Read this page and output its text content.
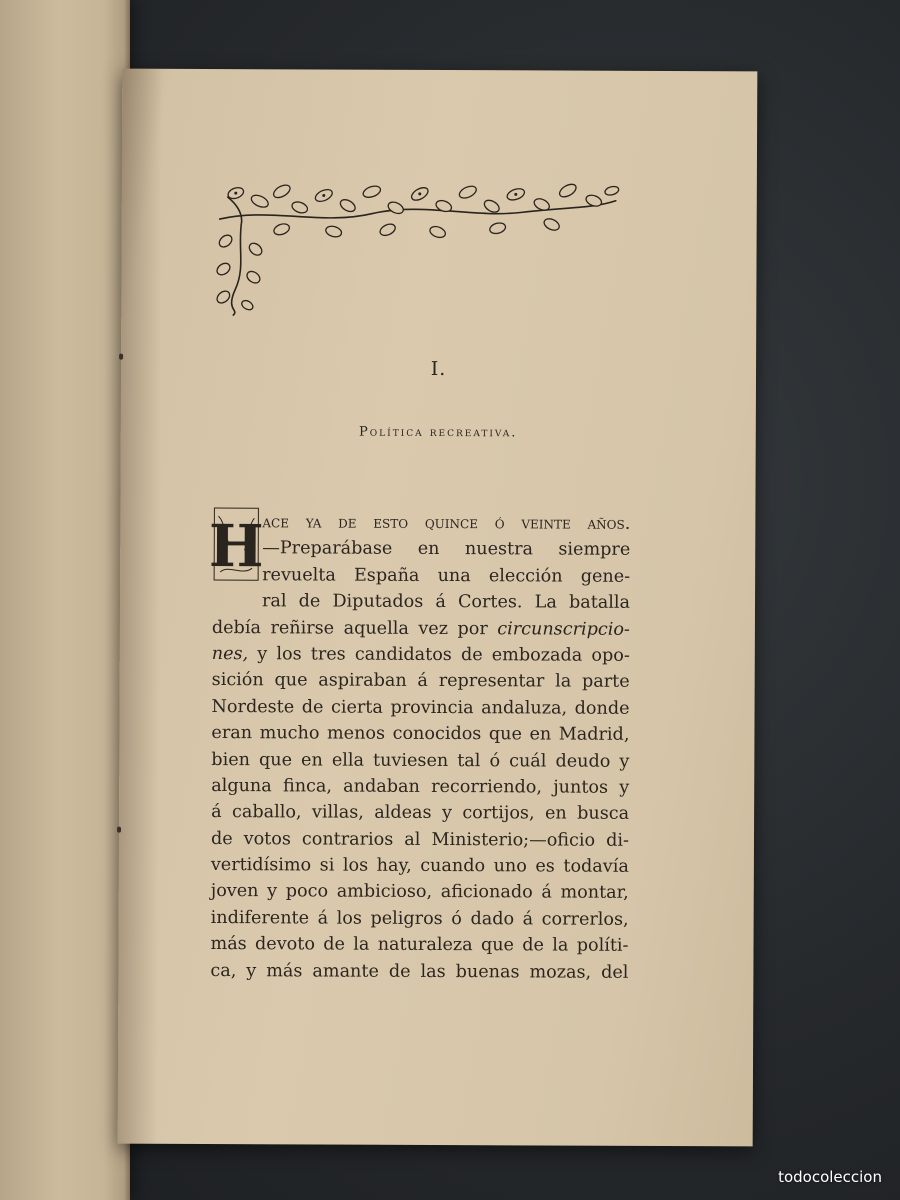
I.
Política recreativa.
H
ace ya de esto quince ó veinte años.
—Preparábase en nuestra siempre
revuelta España una elección gene-
ral de Diputados á Cortes. La batalla
debía reñirse aquella vez por circunscripcio-
nes, y los tres candidatos de embozada opo-
sición que aspiraban á representar la parte
Nordeste de cierta provincia andaluza, donde
eran mucho menos conocidos que en Madrid,
bien que en ella tuviesen tal ó cuál deudo y
alguna finca, andaban recorriendo, juntos y
á caballo, villas, aldeas y cortijos, en busca
de votos contrarios al Ministerio;—oficio di-
vertidísimo si los hay, cuando uno es todavía
joven y poco ambicioso, aficionado á montar,
indiferente á los peligros ó dado á correrlos,
más devoto de la naturaleza que de la políti-
ca, y más amante de las buenas mozas, del
todocoleccion
